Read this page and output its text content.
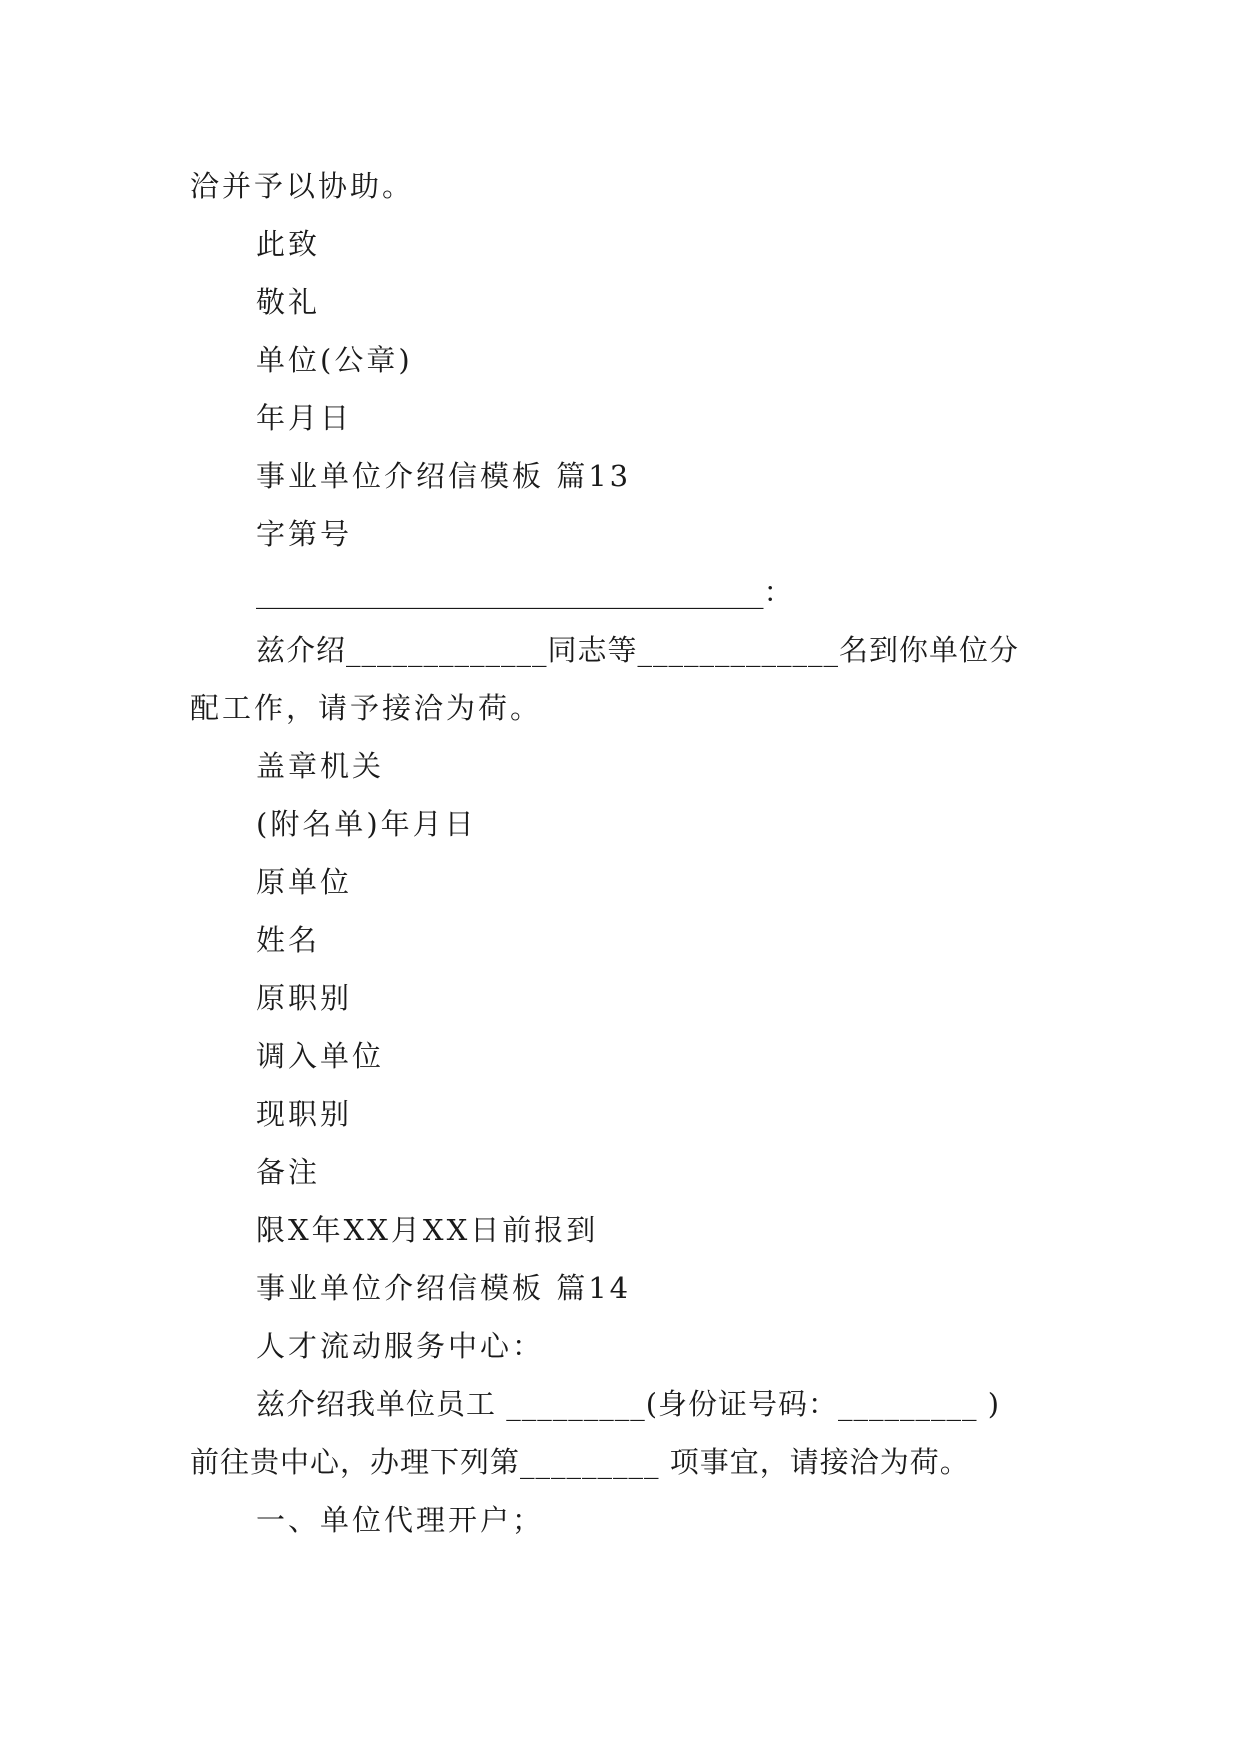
洽并予以协助。
此致
敬礼
单位(公章)
年月日
事业单位介绍信模板 篇13
字第号
___________________________________：
兹介绍_____________同志等_____________名到你单位分
配工作，请予接洽为荷。
盖章机关
(附名单)年月日
原单位
姓名
原职别
调入单位
现职别
备注
限X年XX月XX日前报到
事业单位介绍信模板 篇14
人才流动服务中心：
兹介绍我单位员工 _________(身份证号码：_________ )
前往贵中心，办理下列第_________ 项事宜，请接洽为荷。
一、单位代理开户；
